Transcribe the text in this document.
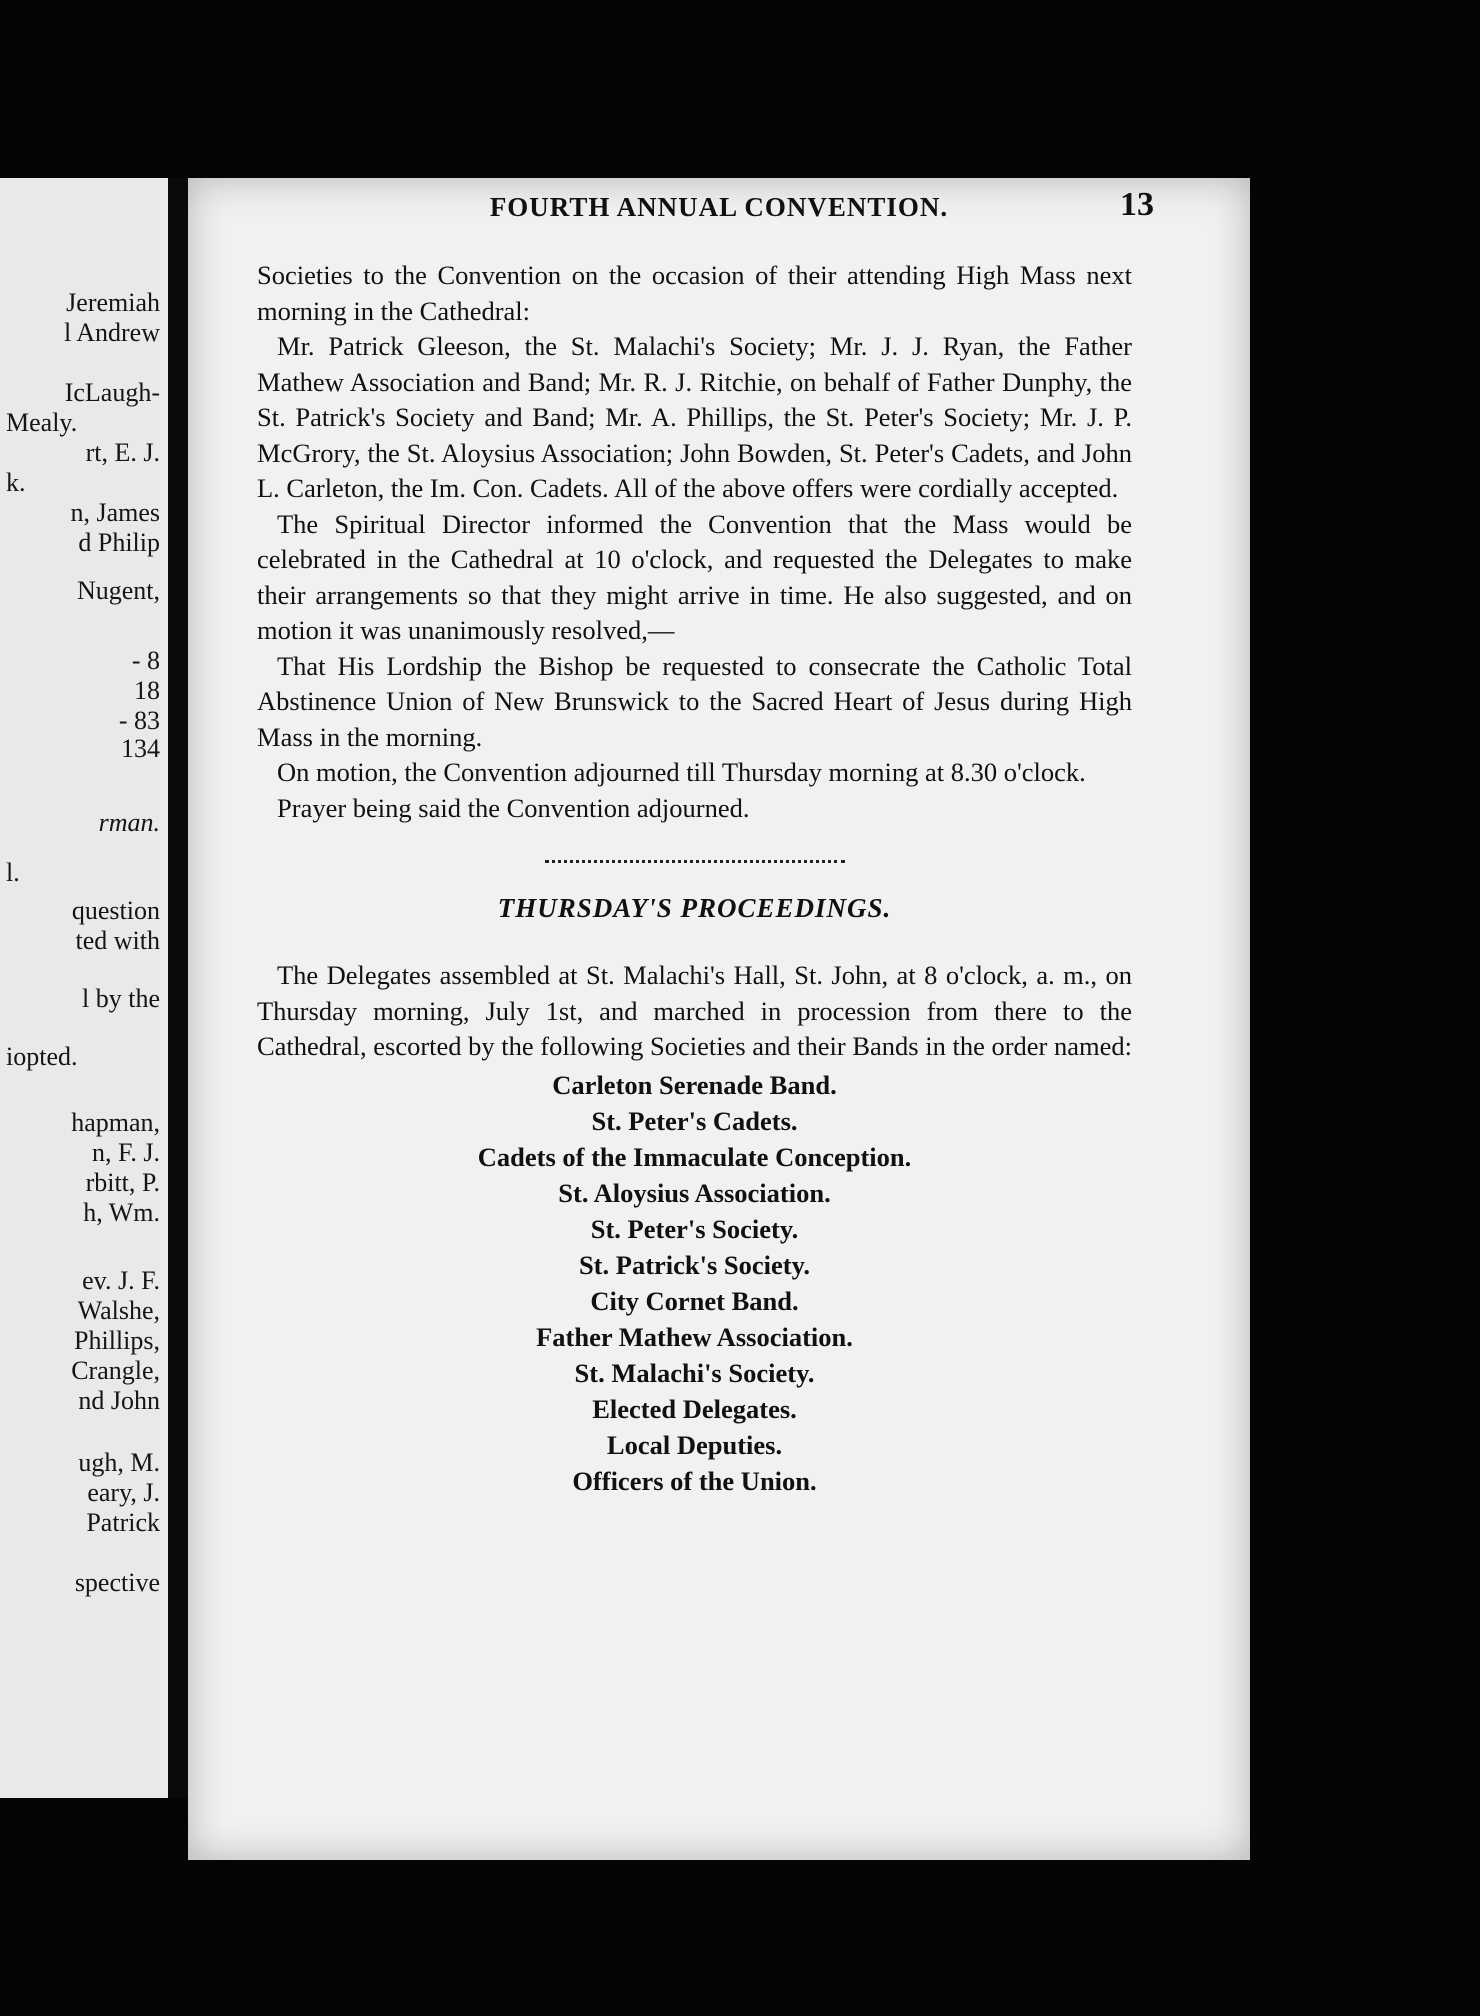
Jeremiah
l Andrew
IcLaugh-
Mealy.
rt, E. J.
k.
n, James
d Philip
Nugent,
- 8
18
- 83
134
rman.
l.
question
ted with
l by the
iopted.
hapman,
n, F. J.
rbitt, P.
h, Wm.
ev. J. F.
Walshe,
Phillips,
Crangle,
nd John
ugh, M.
eary, J.
Patrick
spective
FOURTH ANNUAL CONVENTION.	13

Societies to the Convention on the occasion of their attending High Mass next morning in the Cathedral:

Mr. Patrick Gleeson, the St. Malachi's Society; Mr. J. J. Ryan, the Father Mathew Association and Band; Mr. R. J. Ritchie, on behalf of Father Dunphy, the St. Patrick's Society and Band; Mr. A. Phillips, the St. Peter's Society; Mr. J. P. McGrory, the St. Aloysius Association; John Bowden, St. Peter's Cadets, and John L. Carleton, the Im. Con. Cadets. All of the above offers were cordially accepted.

The Spiritual Director informed the Convention that the Mass would be celebrated in the Cathedral at 10 o'clock, and requested the Delegates to make their arrangements so that they might arrive in time. He also suggested, and on motion it was unanimously resolved,—

That His Lordship the Bishop be requested to consecrate the Catholic Total Abstinence Union of New Brunswick to the Sacred Heart of Jesus during High Mass in the morning.

On motion, the Convention adjourned till Thursday morning at 8.30 o'clock.

Prayer being said the Convention adjourned.

THURSDAY'S PROCEEDINGS.

The Delegates assembled at St. Malachi's Hall, St. John, at 8 o'clock, a. m., on Thursday morning, July 1st, and marched in procession from there to the Cathedral, escorted by the following Societies and their Bands in the order named:

Carleton Serenade Band.
St. Peter's Cadets.
Cadets of the Immaculate Conception.
St. Aloysius Association.
St. Peter's Society.
St. Patrick's Society.
City Cornet Band.
Father Mathew Association.
St. Malachi's Society.
Elected Delegates.
Local Deputies.
Officers of the Union.
